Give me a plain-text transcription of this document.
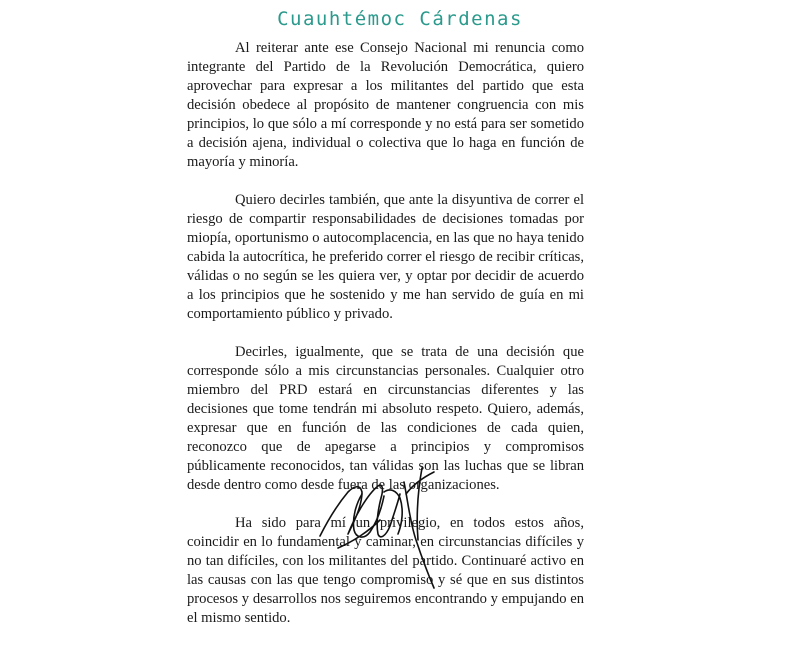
Cuauhtémoc Cárdenas

Al reiterar ante ese Consejo Nacional mi renuncia como integrante del Partido de la Revolución Democrática, quiero aprovechar para expresar a los militantes del partido que esta decisión obedece al propósito de mantener congruencia con mis principios, lo que sólo a mí corresponde y no está para ser sometido a decisión ajena, individual o colectiva que lo haga en función de mayoría y minoría.

Quiero decirles también, que ante la disyuntiva de correr el riesgo de compartir responsabilidades de decisiones tomadas por miopía, oportunismo o autocomplacencia, en las que no haya tenido cabida la autocrítica, he preferido correr el riesgo de recibir críticas, válidas o no según se les quiera ver, y optar por decidir de acuerdo a los principios que he sostenido y me han servido de guía en mi comportamiento público y privado.

Decirles, igualmente, que se trata de una decisión que corresponde sólo a mis circunstancias personales. Cualquier otro miembro del PRD estará en circunstancias diferentes y las decisiones que tome tendrán mi absoluto respeto. Quiero, además, expresar que en función de las condiciones de cada quien, reconozco que de apegarse a principios y compromisos públicamente reconocidos, tan válidas son las luchas que se libran desde dentro como desde fuera de las organizaciones.

Ha sido para mí un privilegio, en todos estos años, coincidir en lo fundamental y caminar, en circunstancias difíciles y no tan difíciles, con los militantes del partido. Continuaré activo en las causas con las que tengo compromiso y sé que en sus distintos procesos y desarrollos nos seguiremos encontrando y empujando en el mismo sentido.
